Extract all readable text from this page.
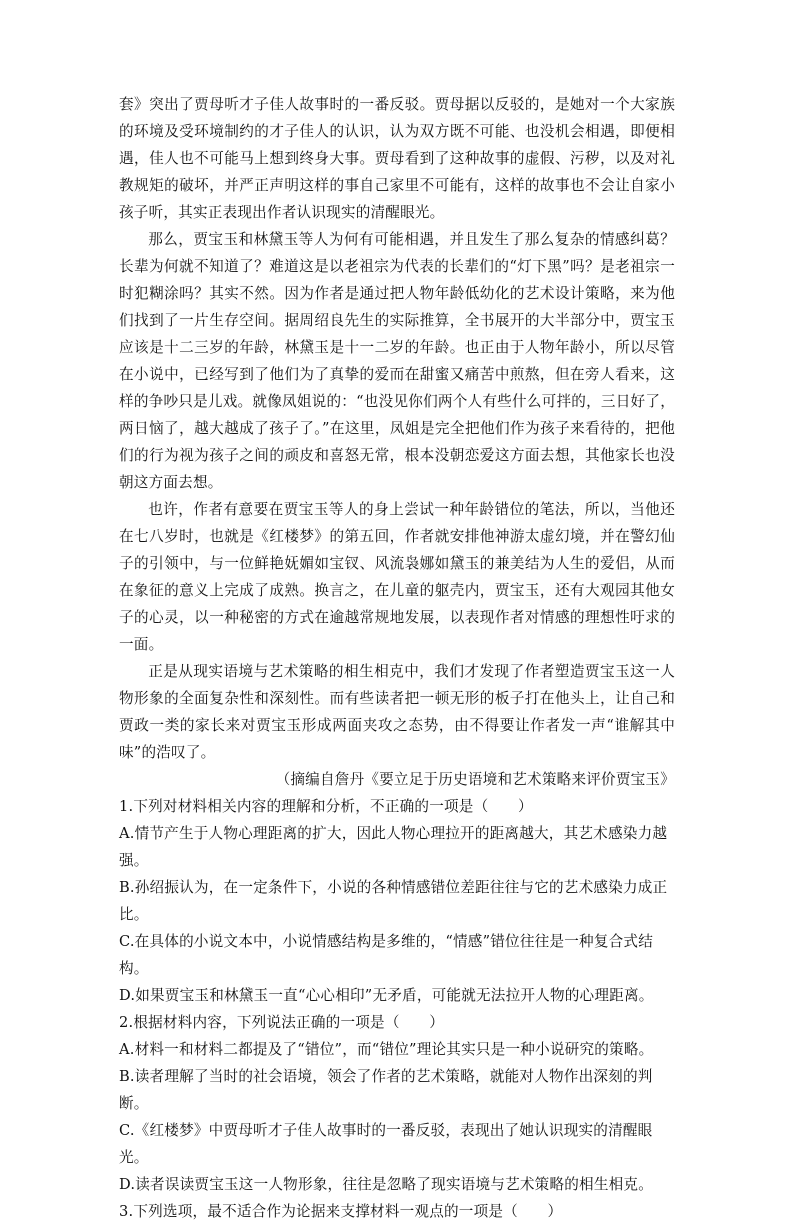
套》突出了贾母听才子佳人故事时的一番反驳。贾母据以反驳的，是她对一个大家族的环境及受环境制约的才子佳人的认识，认为双方既不可能、也没机会相遇，即便相遇，佳人也不可能马上想到终身大事。贾母看到了这种故事的虚假、污秽，以及对礼教规矩的破坏，并严正声明这样的事自己家里不可能有，这样的故事也不会让自家小孩子听，其实正表现出作者认识现实的清醒眼光。

那么，贾宝玉和林黛玉等人为何有可能相遇，并且发生了那么复杂的情感纠葛？长辈为何就不知道了？难道这是以老祖宗为代表的长辈们的“灯下黑”吗？是老祖宗一时犯糊涂吗？其实不然。因为作者是通过把人物年龄低幼化的艺术设计策略，来为他们找到了一片生存空间。据周绍良先生的实际推算，全书展开的大半部分中，贾宝玉应该是十二三岁的年龄，林黛玉是十一二岁的年龄。也正由于人物年龄小，所以尽管在小说中，已经写到了他们为了真挚的爱而在甜蜜又痛苦中煎熬，但在旁人看来，这样的争吵只是儿戏。就像凤姐说的：“也没见你们两个人有些什么可拌的，三日好了，两日恼了，越大越成了孩子了。”在这里，凤姐是完全把他们作为孩子来看待的，把他们的行为视为孩子之间的顽皮和喜怒无常，根本没朝恋爱这方面去想，其他家长也没朝这方面去想。

也许，作者有意要在贾宝玉等人的身上尝试一种年龄错位的笔法，所以，当他还在七八岁时，也就是《红楼梦》的第五回，作者就安排他神游太虚幻境，并在警幻仙子的引领中，与一位鲜艳妩媚如宝钗、风流袅娜如黛玉的兼美结为人生的爱侣，从而在象征的意义上完成了成熟。换言之，在儿童的躯壳内，贾宝玉，还有大观园其他女子的心灵，以一种秘密的方式在逾越常规地发展，以表现作者对情感的理想性吁求的一面。

正是从现实语境与艺术策略的相生相克中，我们才发现了作者塑造贾宝玉这一人物形象的全面复杂性和深刻性。而有些读者把一顿无形的板子打在他头上，让自己和贾政一类的家长来对贾宝玉形成两面夹攻之态势，由不得要让作者发一声“谁解其中味”的浩叹了。

（摘编自詹丹《要立足于历史语境和艺术策略来评价贾宝玉》

1.下列对材料相关内容的理解和分析，不正确的一项是（　　）

A.情节产生于人物心理距离的扩大，因此人物心理拉开的距离越大，其艺术感染力越强。

B.孙绍振认为，在一定条件下，小说的各种情感错位差距往往与它的艺术感染力成正比。

C.在具体的小说文本中，小说情感结构是多维的，“情感”错位往往是一种复合式结构。

D.如果贾宝玉和林黛玉一直“心心相印”无矛盾，可能就无法拉开人物的心理距离。

2.根据材料内容，下列说法正确的一项是（　　）

A.材料一和材料二都提及了“错位”，而“错位”理论其实只是一种小说研究的策略。

B.读者理解了当时的社会语境，领会了作者的艺术策略，就能对人物作出深刻的判断。

C.《红楼梦》中贾母听才子佳人故事时的一番反驳，表现出了她认识现实的清醒眼光。

D.读者误读贾宝玉这一人物形象，往往是忽略了现实语境与艺术策略的相生相克。

3.下列选项，最不适合作为论据来支撑材料一观点的一项是（　　）
